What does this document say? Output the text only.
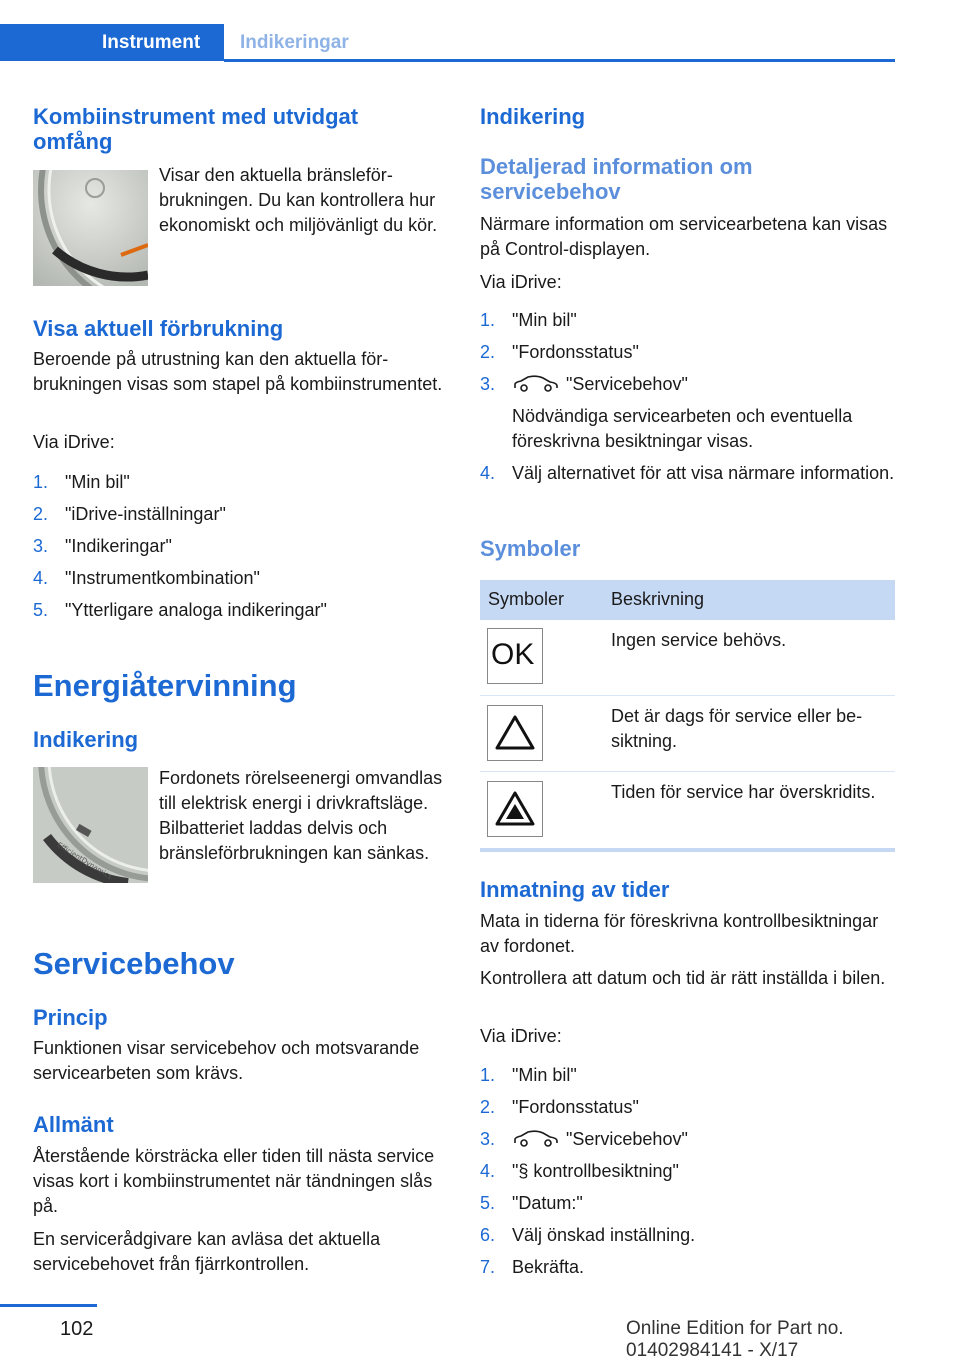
Instrument Indikeringar
Kombiinstrument med utvidgat omfång
Visar den aktuella bränsleförbrukningen. Du kan kontrollera hur ekonomiskt och miljövänligt du kör.
Visa aktuell förbrukning
Beroende på utrustning kan den aktuella förbrukningen visas som stapel på kombiinstrumentet.
Via iDrive:
1. "Min bil"
2. "iDrive-inställningar"
3. "Indikeringar"
4. "Instrumentkombination"
5. "Ytterligare analoga indikeringar"
Energiåtervinning
Indikering
EfficientDynamics
Fordonets rörelseenergi omvandlas till elektrisk energi i drivkraftsläge. Bilbatteriet laddas delvis och bränsleförbrukningen kan sänkas.
Servicebehov
Princip
Funktionen visar servicebehov och motsvarande servicearbeten som krävs.
Allmänt
Återstående körsträcka eller tiden till nästa service visas kort i kombiinstrumentet när tändningen slås på.
En servicerådgivare kan avläsa det aktuella servicebehovet från fjärrkontrollen.
Indikering
Detaljerad information om servicebehov
Närmare information om servicearbetena kan visas på Control-displayen.
Via iDrive:
1. "Min bil"
2. "Fordonsstatus"
3.	"Servicebehov"
Nödvändiga servicearbeten och eventuella föreskrivna besiktningar visas.
4. Välj alternativet för att visa närmare information.
Symboler
Symboler	Beskrivning
OK	Ingen service behövs.
Det är dags för service eller besiktning.
Tiden för service har överskridits.
Inmatning av tider
Mata in tiderna för föreskrivna kontrollbesiktningar av fordonet.
Kontrollera att datum och tid är rätt inställda i bilen.
Via iDrive:
1. "Min bil"
2. "Fordonsstatus"
3.	"Servicebehov"
4. "§ kontrollbesiktning"
5. "Datum:"
6. Välj önskad inställning.
7. Bekräfta.
102	Online Edition for Part no. 01402984141 - X/17
